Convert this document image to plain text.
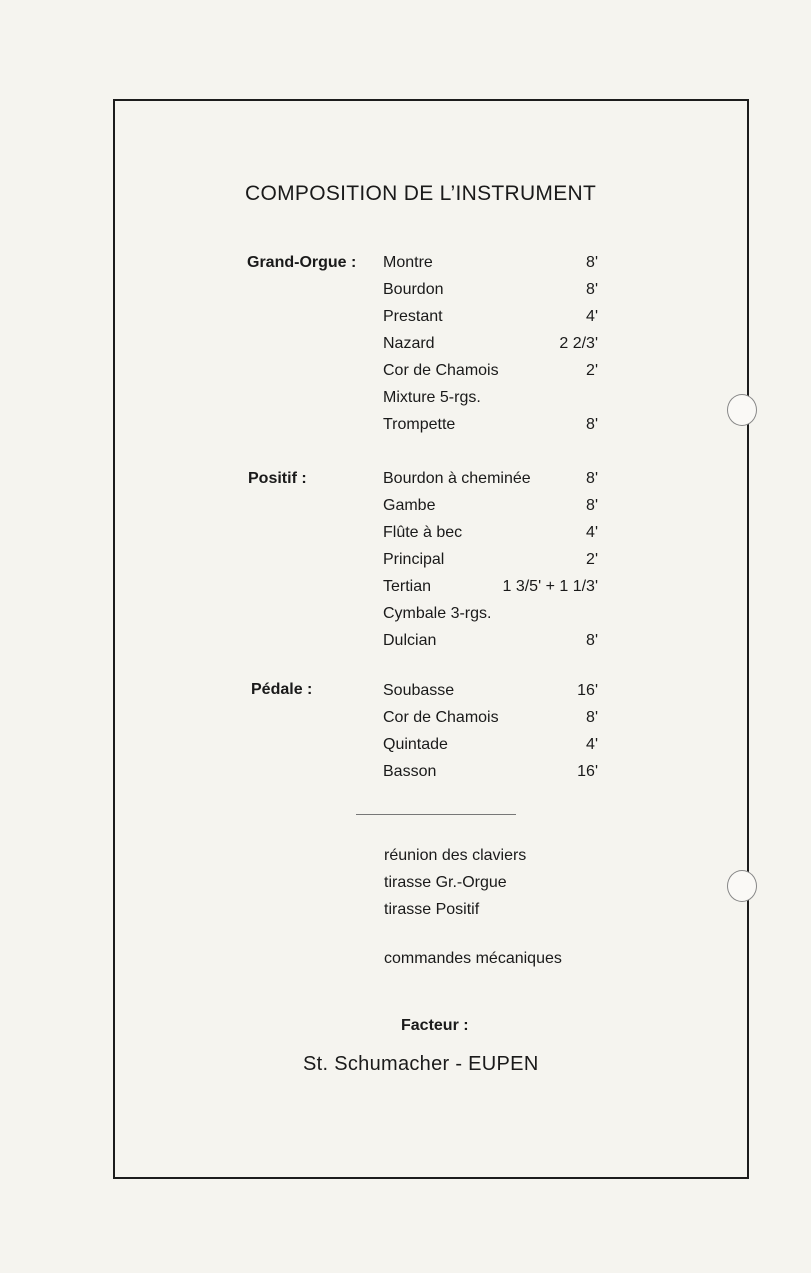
COMPOSITION DE L’INSTRUMENT
Grand-Orgue : Montre	8'
Bourdon	8'
Prestant	4'
Nazard	2 2/3'
Cor de Chamois	2'
Mixture 5-rgs.
Trompette	8'
Positif :	Bourdon à cheminée	8'
Gambe	8'
Flûte à bec	4'
Principal	2'
Tertian	1 3/5' + 1 1/3'
Cymbale 3-rgs.
Dulcian	8'
Pédale :	Soubasse	16'
Cor de Chamois	8'
Quintade	4'
Basson	16'
réunion des claviers
tirasse Gr.-Orgue
tirasse Positif
commandes mécaniques
Facteur :
St. Schumacher - EUPEN
